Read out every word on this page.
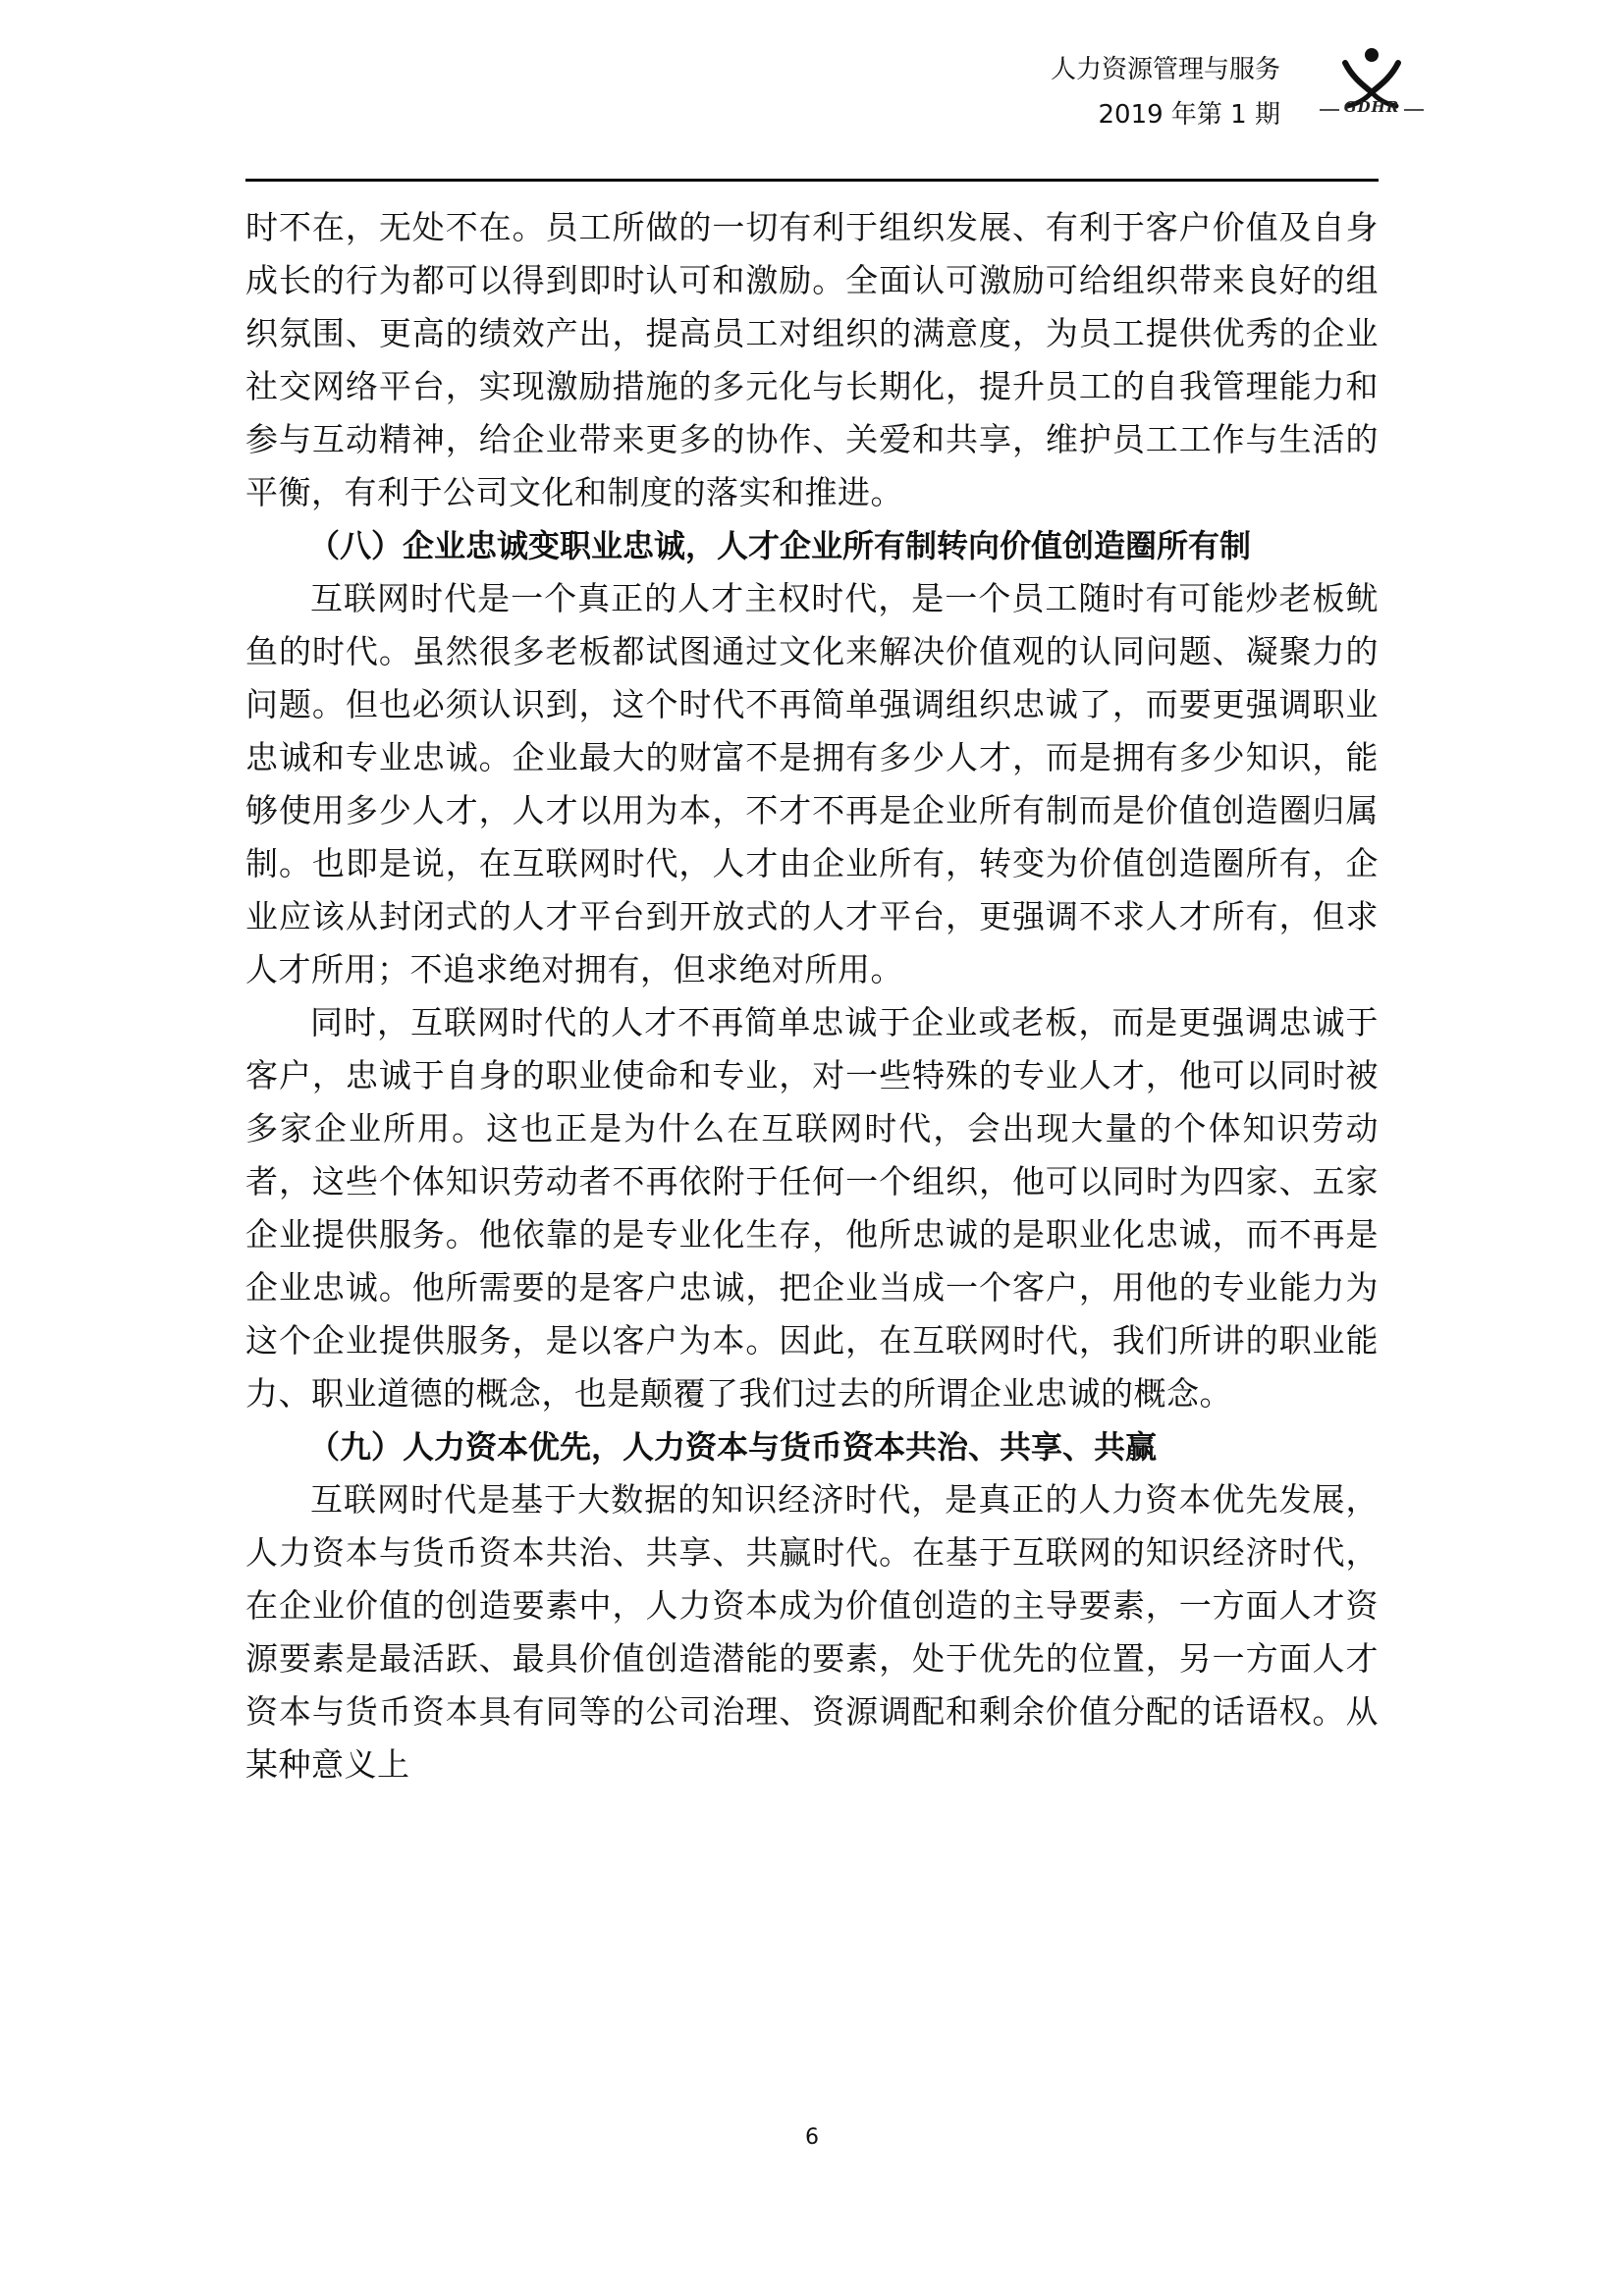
人力资源管理与服务
2019 年第 1 期	GDHR

时不在，无处不在。员工所做的一切有利于组织发展、有利于客户价值及自身成长的行为都可以得到即时认可和激励。全面认可激励可给组织带来良好的组织氛围、更高的绩效产出，提高员工对组织的满意度，为员工提供优秀的企业社交网络平台，实现激励措施的多元化与长期化，提升员工的自我管理能力和参与互动精神，给企业带来更多的协作、关爱和共享，维护员工工作与生活的平衡，有利于公司文化和制度的落实和推进。

（八）企业忠诚变职业忠诚，人才企业所有制转向价值创造圈所有制

互联网时代是一个真正的人才主权时代，是一个员工随时有可能炒老板鱿鱼的时代。虽然很多老板都试图通过文化来解决价值观的认同问题、凝聚力的问题。但也必须认识到，这个时代不再简单强调组织忠诚了，而要更强调职业忠诚和专业忠诚。企业最大的财富不是拥有多少人才，而是拥有多少知识，能够使用多少人才，人才以用为本，不才不再是企业所有制而是价值创造圈归属制。也即是说，在互联网时代，人才由企业所有，转变为价值创造圈所有，企业应该从封闭式的人才平台到开放式的人才平台，更强调不求人才所有，但求人才所用；不追求绝对拥有，但求绝对所用。

同时，互联网时代的人才不再简单忠诚于企业或老板，而是更强调忠诚于客户，忠诚于自身的职业使命和专业，对一些特殊的专业人才，他可以同时被多家企业所用。这也正是为什么在互联网时代，会出现大量的个体知识劳动者，这些个体知识劳动者不再依附于任何一个组织，他可以同时为四家、五家企业提供服务。他依靠的是专业化生存，他所忠诚的是职业化忠诚，而不再是企业忠诚。他所需要的是客户忠诚，把企业当成一个客户，用他的专业能力为这个企业提供服务，是以客户为本。因此，在互联网时代，我们所讲的职业能力、职业道德的概念，也是颠覆了我们过去的所谓企业忠诚的概念。

（九）人力资本优先，人力资本与货币资本共治、共享、共赢

互联网时代是基于大数据的知识经济时代，是真正的人力资本优先发展，人力资本与货币资本共治、共享、共赢时代。在基于互联网的知识经济时代，在企业价值的创造要素中，人力资本成为价值创造的主导要素，一方面人才资源要素是最活跃、最具价值创造潜能的要素，处于优先的位置，另一方面人才资本与货币资本具有同等的公司治理、资源调配和剩余价值分配的话语权。从某种意义上

6
